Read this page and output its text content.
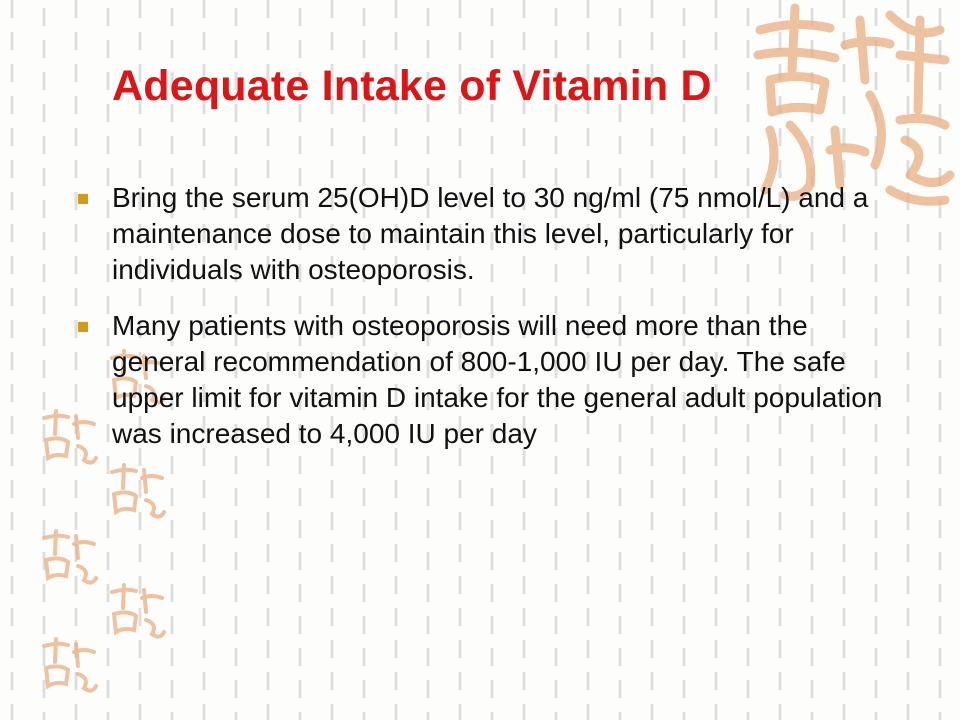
Adequate Intake of Vitamin D
Bring the serum 25(OH)D level to 30 ng/ml (75 nmol/L) and a maintenance dose to maintain this level, particularly for individuals with osteoporosis.
Many patients with osteoporosis will need more than the general recommendation of 800-1,000 IU per day. The safe upper limit for vitamin D intake for the general adult population was increased to 4,000 IU per day
